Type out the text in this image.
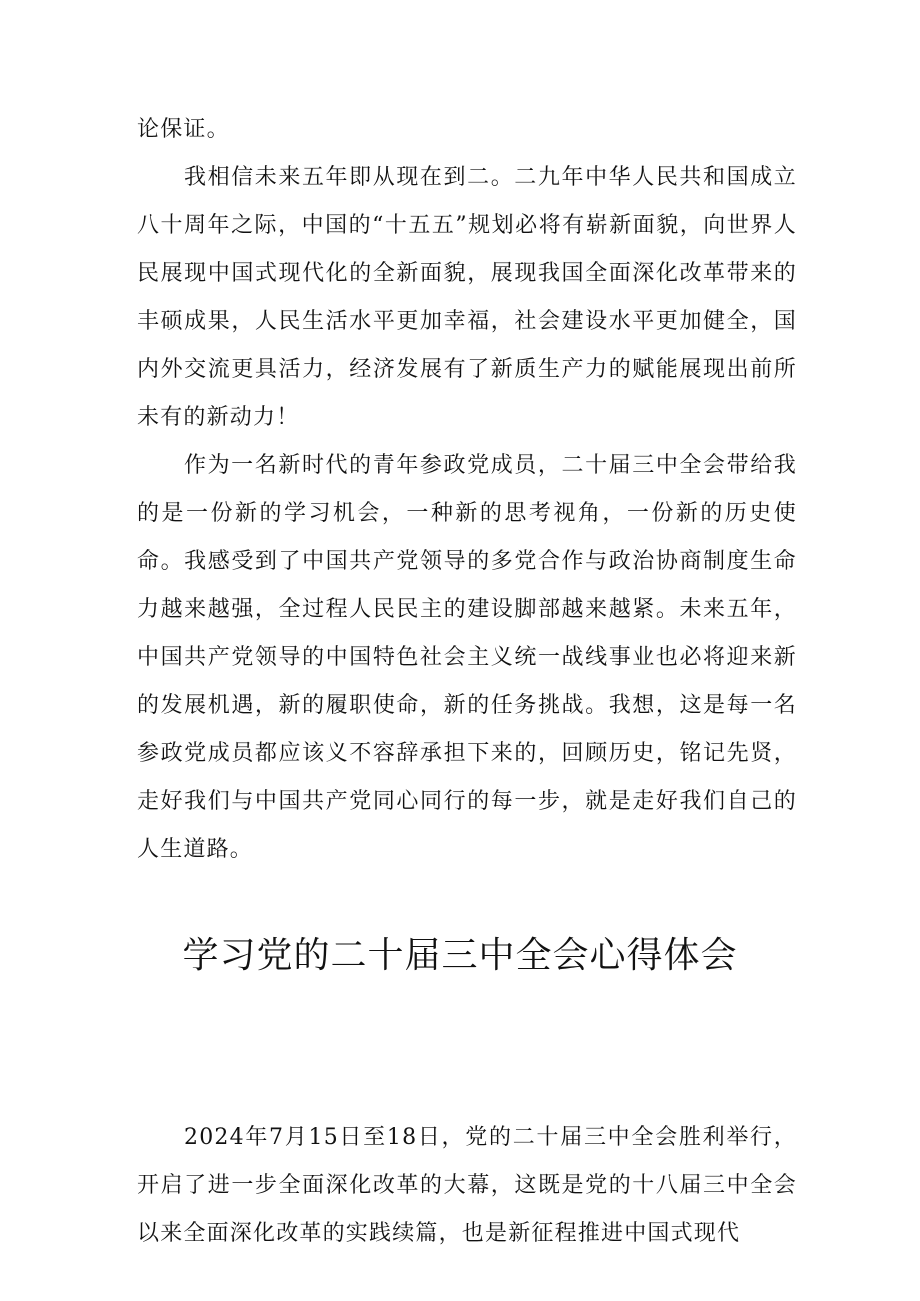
论保证。

我相信未来五年即从现在到二。二九年中华人民共和国成立八十周年之际，中国的“十五五”规划必将有崭新面貌，向世界人民展现中国式现代化的全新面貌，展现我国全面深化改革带来的丰硕成果，人民生活水平更加幸福，社会建设水平更加健全，国内外交流更具活力，经济发展有了新质生产力的赋能展现出前所未有的新动力！

作为一名新时代的青年参政党成员，二十届三中全会带给我的是一份新的学习机会，一种新的思考视角，一份新的历史使命。我感受到了中国共产党领导的多党合作与政治协商制度生命力越来越强，全过程人民民主的建设脚部越来越紧。未来五年，中国共产党领导的中国特色社会主义统一战线事业也必将迎来新的发展机遇，新的履职使命，新的任务挑战。我想，这是每一名参政党成员都应该义不容辞承担下来的，回顾历史，铭记先贤，走好我们与中国共产党同心同行的每一步，就是走好我们自己的人生道路。

学习党的二十届三中全会心得体会

2024年7月15日至18日，党的二十届三中全会胜利举行，开启了进一步全面深化改革的大幕，这既是党的十八届三中全会以来全面深化改革的实践续篇，也是新征程推进中国式现代
